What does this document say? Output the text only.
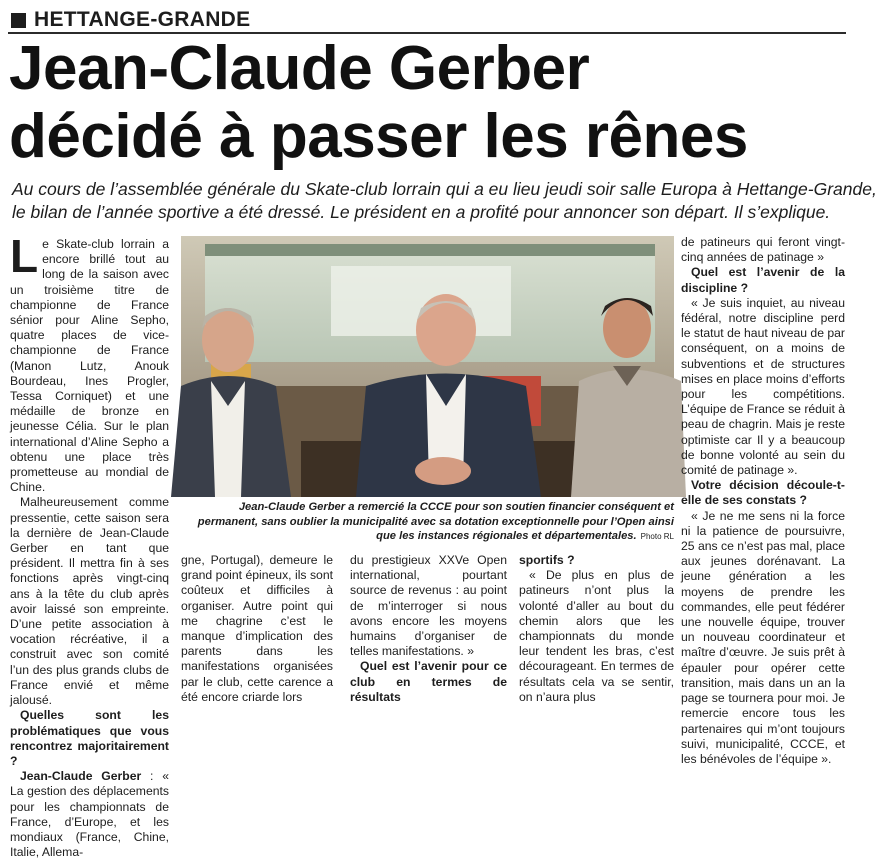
HETTANGE-GRANDE
Jean-Claude Gerber
décidé à passer les rênes
Au cours de l’assemblée générale du Skate-club lorrain qui a eu lieu jeudi soir salle Europa à Hettange-Grande,
le bilan de l’année sportive a été dressé. Le président en a profité pour annoncer son départ. Il s’explique.

Le Skate-club lorrain a encore brillé tout au long de la saison avec un troisième titre de championne de France sénior pour Aline Sepho, quatre places de vice-championne de France (Manon Lutz, Anouk Bourdeau, Ines Progler, Tessa Corniquet) et une médaille de bronze en jeunesse Célia. Sur le plan international d’Aline Sepho a obtenu une place très prometteuse au mondial de Chine.

Malheureusement comme pressentie, cette saison sera la dernière de Jean-Claude Gerber en tant que président. Il mettra fin à ses fonctions après vingt-cinq ans à la tête du club après avoir laissé son empreinte. D’une petite association à vocation récréative, il a construit avec son comité l’un des plus grands clubs de France envié et même jalousé.

Quelles sont les problématiques que vous rencontrez majoritairement ?

Jean-Claude Gerber : « La gestion des déplacements pour les championnats de France, d’Europe, et les mondiaux (France, Chine, Italie, Allema-

Jean-Claude Gerber a remercié la CCCE pour son soutien financier conséquent et permanent, sans oublier la municipalité avec sa dotation exceptionnelle pour l’Open ainsi que les instances régionales et départementales. Photo RL

gne, Portugal), demeure le grand point épineux, ils sont coûteux et difficiles à organiser. Autre point qui me chagrine c’est le manque d’implication des parents dans les manifestations organisées par le club, cette carence a été encore criarde lors

du prestigieux XXVe Open international, pourtant source de revenus : au point de m’interroger si nous avons encore les moyens humains d’organiser de telles manifestations. »

Quel est l’avenir pour ce club en termes de résultats

sportifs ?

« De plus en plus de patineurs n’ont plus la volonté d’aller au bout du chemin alors que les championnats du monde leur tendent les bras, c’est décourageant. En termes de résultats cela va se sentir, on n’aura plus

de patineurs qui feront vingt-cinq années de patinage »

Quel est l’avenir de la discipline ?

« Je suis inquiet, au niveau fédéral, notre discipline perd le statut de haut niveau de par conséquent, on a moins de subventions et de structures mises en place moins d’efforts pour les compétitions. L’équipe de France se réduit à peau de chagrin. Mais je reste optimiste car Il y a beaucoup de bonne volonté au sein du comité de patinage ».

Votre décision découle-t-elle de ses constats ?

« Je ne me sens ni la force ni la patience de poursuivre, 25 ans ce n’est pas mal, place aux jeunes dorénavant. La jeune génération a les moyens de prendre les commandes, elle peut fédérer une nouvelle équipe, trouver un nouveau coordinateur et maître d’œuvre. Je suis prêt à épauler pour opérer cette transition, mais dans un an la page se tournera pour moi. Je remercie encore tous les partenaires qui m’ont toujours suivi, municipalité, CCCE, et les bénévoles de l’équipe ».
